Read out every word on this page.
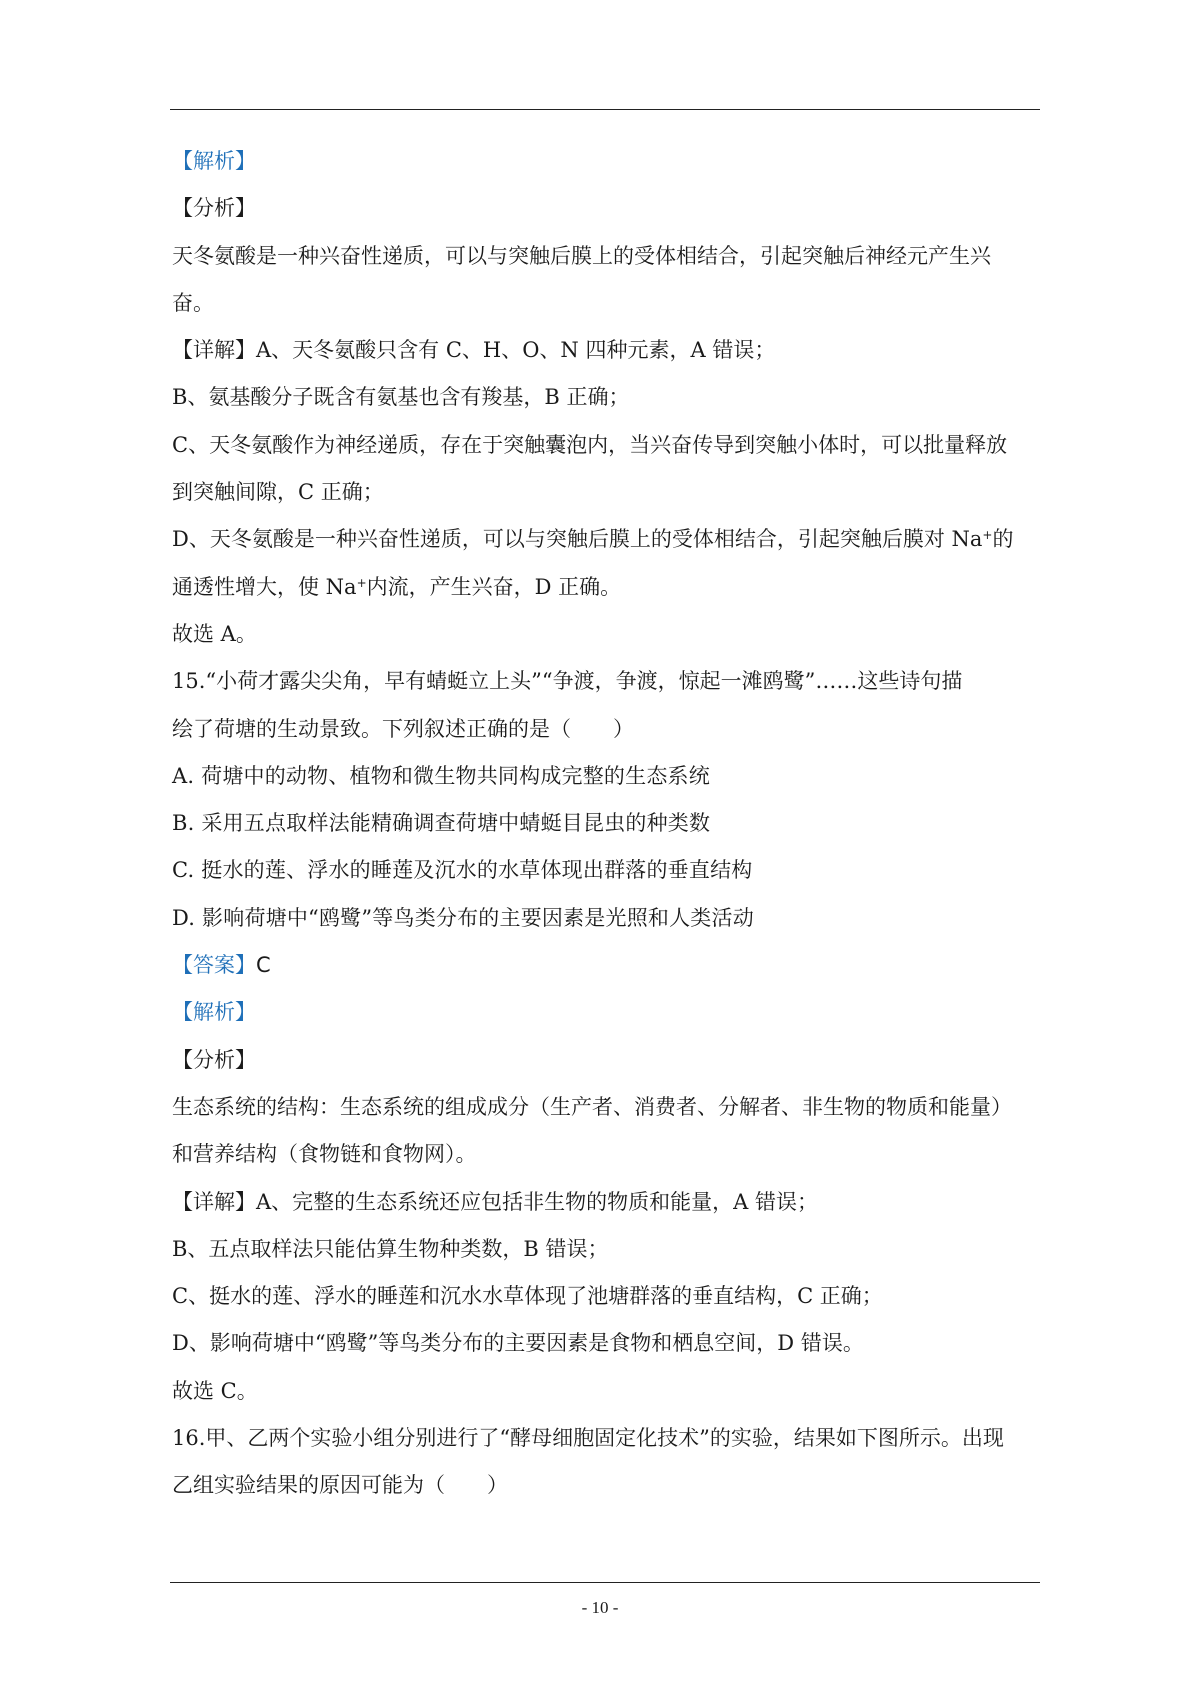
【解析】

【分析】

天冬氨酸是一种兴奋性递质，可以与突触后膜上的受体相结合，引起突触后神经元产生兴

奋。

【详解】A、天冬氨酸只含有 C、H、O、N 四种元素，A 错误；

B、氨基酸分子既含有氨基也含有羧基，B 正确；

C、天冬氨酸作为神经递质，存在于突触囊泡内，当兴奋传导到突触小体时，可以批量释放

到突触间隙，C 正确；

D、天冬氨酸是一种兴奋性递质，可以与突触后膜上的受体相结合，引起突触后膜对 Na+的

通透性增大，使 Na+内流，产生兴奋，D 正确。

故选 A。

15.“小荷才露尖尖角，早有蜻蜓立上头”“争渡，争渡，惊起一滩鸥鹭”……这些诗句描

绘了荷塘的生动景致。下列叙述正确的是（　　）

A. 荷塘中的动物、植物和微生物共同构成完整的生态系统

B. 采用五点取样法能精确调查荷塘中蜻蜓目昆虫的种类数

C. 挺水的莲、浮水的睡莲及沉水的水草体现出群落的垂直结构

D. 影响荷塘中“鸥鹭”等鸟类分布的主要因素是光照和人类活动

【答案】C

【解析】

【分析】

生态系统的结构：生态系统的组成成分（生产者、消费者、分解者、非生物的物质和能量）

和营养结构（食物链和食物网）。

【详解】A、完整的生态系统还应包括非生物的物质和能量，A 错误；

B、五点取样法只能估算生物种类数，B 错误；

C、挺水的莲、浮水的睡莲和沉水水草体现了池塘群落的垂直结构，C 正确；

D、影响荷塘中“鸥鹭”等鸟类分布的主要因素是食物和栖息空间，D 错误。

故选 C。

16.甲、乙两个实验小组分别进行了“酵母细胞固定化技术”的实验，结果如下图所示。出现

乙组实验结果的原因可能为（　　）

- 10 -
